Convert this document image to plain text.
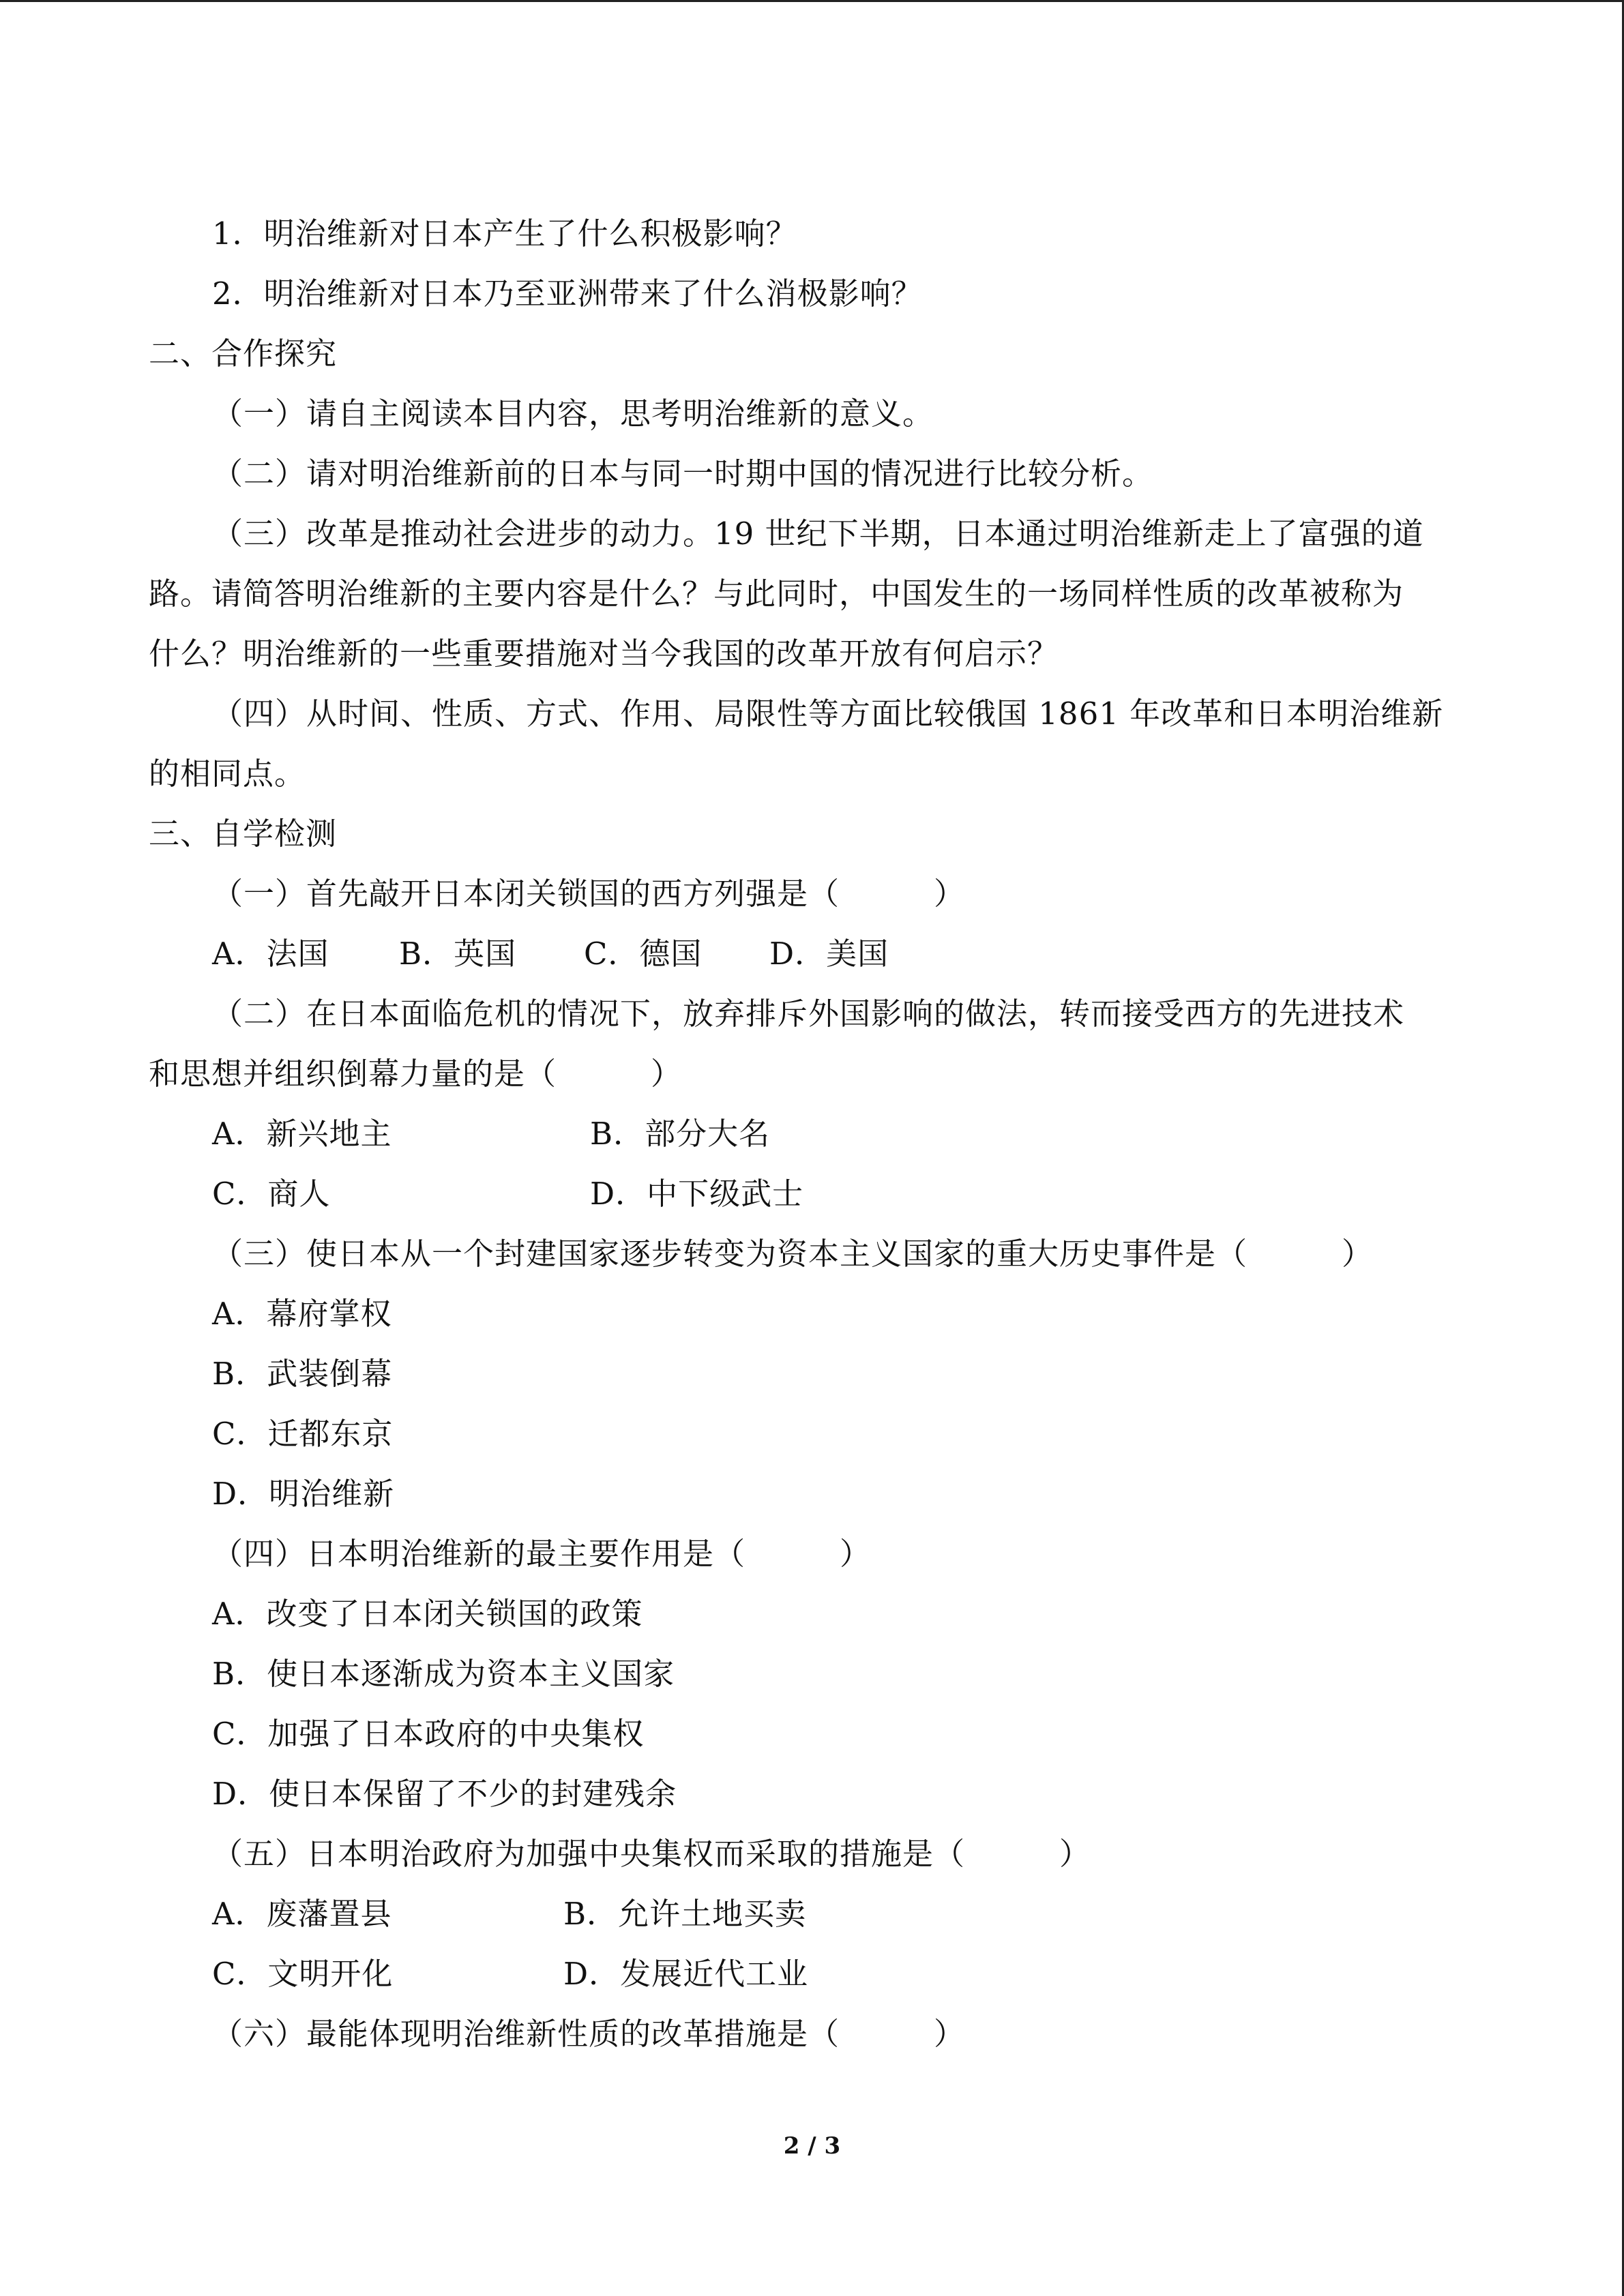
1．明治维新对日本产生了什么积极影响？
2．明治维新对日本乃至亚洲带来了什么消极影响？
二、合作探究
（一）请自主阅读本目内容，思考明治维新的意义。
（二）请对明治维新前的日本与同一时期中国的情况进行比较分析。
（三）改革是推动社会进步的动力。19 世纪下半期，日本通过明治维新走上了富强的道
路。请简答明治维新的主要内容是什么？与此同时，中国发生的一场同样性质的改革被称为
什么？明治维新的一些重要措施对当今我国的改革开放有何启示？
（四）从时间、性质、方式、作用、局限性等方面比较俄国 1861 年改革和日本明治维新
的相同点。
三、自学检测
（一）首先敲开日本闭关锁国的西方列强是（　　　）
A．法国 B．英国 C．德国 D．美国
（二）在日本面临危机的情况下，放弃排斥外国影响的做法，转而接受西方的先进技术
和思想并组织倒幕力量的是（　　　）
A．新兴地主	B．部分大名
C．商人	D．中下级武士
（三）使日本从一个封建国家逐步转变为资本主义国家的重大历史事件是（　　　）
A．幕府掌权
B．武装倒幕
C．迁都东京
D．明治维新
（四）日本明治维新的最主要作用是（　　　）
A．改变了日本闭关锁国的政策
B．使日本逐渐成为资本主义国家
C．加强了日本政府的中央集权
D．使日本保留了不少的封建残余
（五）日本明治政府为加强中央集权而采取的措施是（　　　）
A．废藩置县	B．允许土地买卖
C．文明开化	D．发展近代工业
（六）最能体现明治维新性质的改革措施是（　　　）
2 / 3
